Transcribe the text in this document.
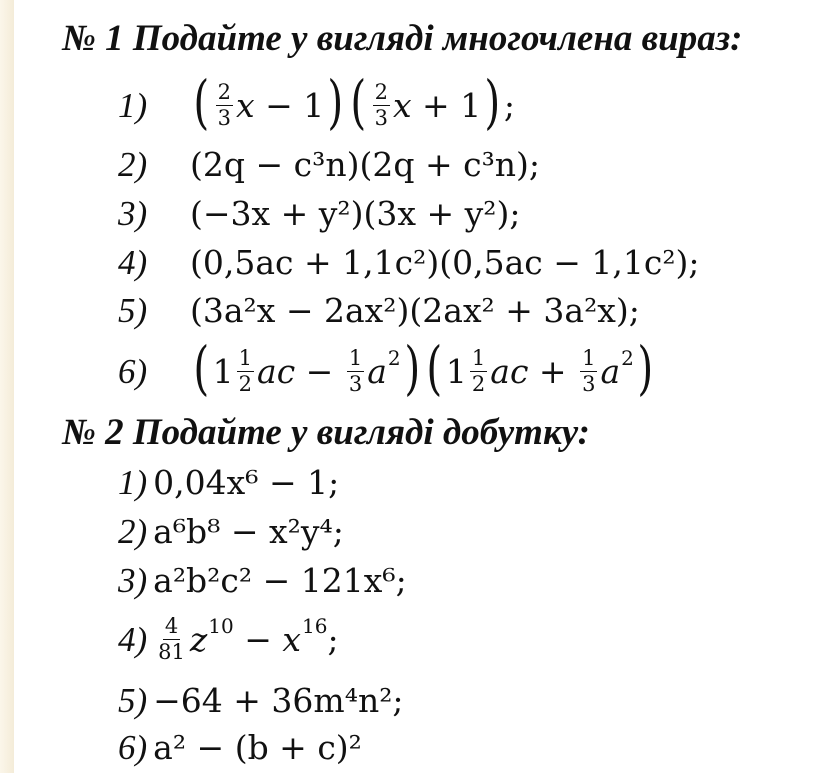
№ 1 Подайте у вигляді многочлена вираз:
1) ( $\frac{2}{3}$ x − 1 ) ( $\frac{2}{3}$ x + 1 ) ;
2)	(2q − c³n)(2q + c³n);
3)	(−3x + y²)(3x + y²);
4)	(0,5ac + 1,1c²)(0,5ac − 1,1c²);
5)	(3a²x − 2ax²)(2ax² + 3a²x);
6) ( $1 \frac{1}{2}$ ac − $\frac{1}{3} a^2$ ) ( $1 \frac{1}{2}$ ac + $\frac{1}{3} a^2$ )
№ 2 Подайте у вигляді добутку:
1) 0,04x⁶ − 1;
2) a⁶b⁸ − x²y⁴;
3) a²b²c² − 121x⁶;
$4) \frac{4}{81} z^{10} - x^{16}$ ;
5) −64 + 36m⁴n²;
6) a² − (b + c)²
